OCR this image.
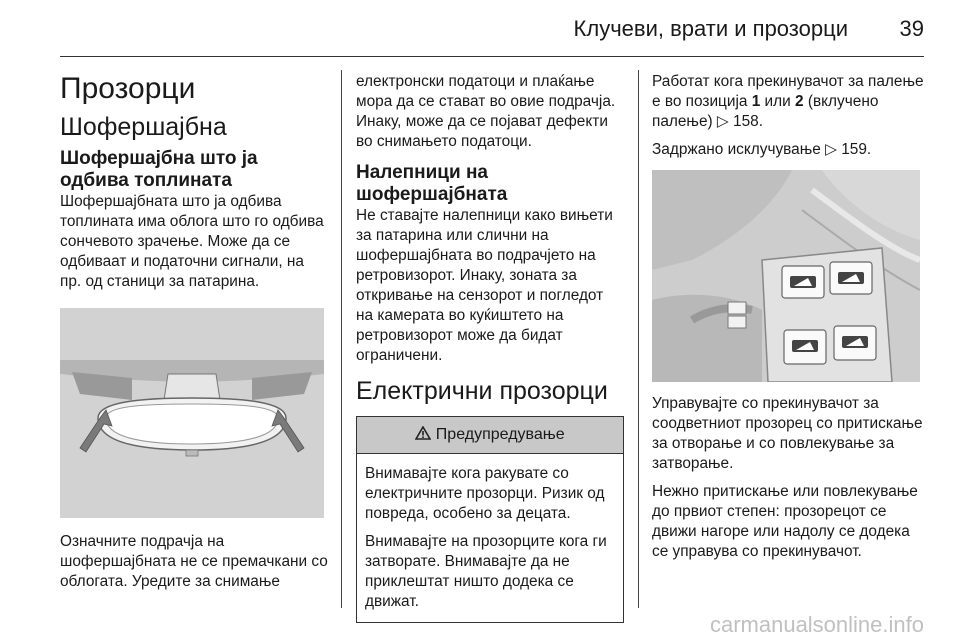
Клучеви, врати и прозорци 39
Прозорци
Шофершајбна
Шофершајбна што ја одбива топлината
Шофершајбната што ја одбива топлината има облога што го одбива сончевото зрачење. Може да се одбиваат и податочни сигнали, на пр. од станици за патарина.
Означните подрачја на шофершајбната не се премачкани со облогата. Уредите за снимање
електронски податоци и плаќање мора да се стават во овие подрачја. Инаку, може да се појават дефекти во снимањето податоци.
Налепници на шофершајбната
Не ставајте налепници како вињети за патарина или слични на шофершајбната во подрачјето на ретровизорот. Инаку, зоната за откривање на сензорот и погледот на камерата во куќиштето на ретровизорот може да бидат ограничени.
Електрични прозорци
Предупредување
Внимавајте кога ракувате со електричните прозорци. Ризик од повреда, особено за децата.
Внимавајте на прозорците кога ги затворате. Внимавајте да не приклештат ништо додека се движат.
Работат кога прекинувачот за палење е во позиција 1 или 2 (вклучено палење) ▷ 158.
Задржано исклучување ▷ 159.
Управувајте со прекинувачот за соодветниот прозорец со притискање за отворање и со повлекување за затворање.
Нежно притискање или повлекување до првиот степен: прозорецот се движи нагоре или надолу се додека се управува со прекинувачот.
carmanualsonline.info
